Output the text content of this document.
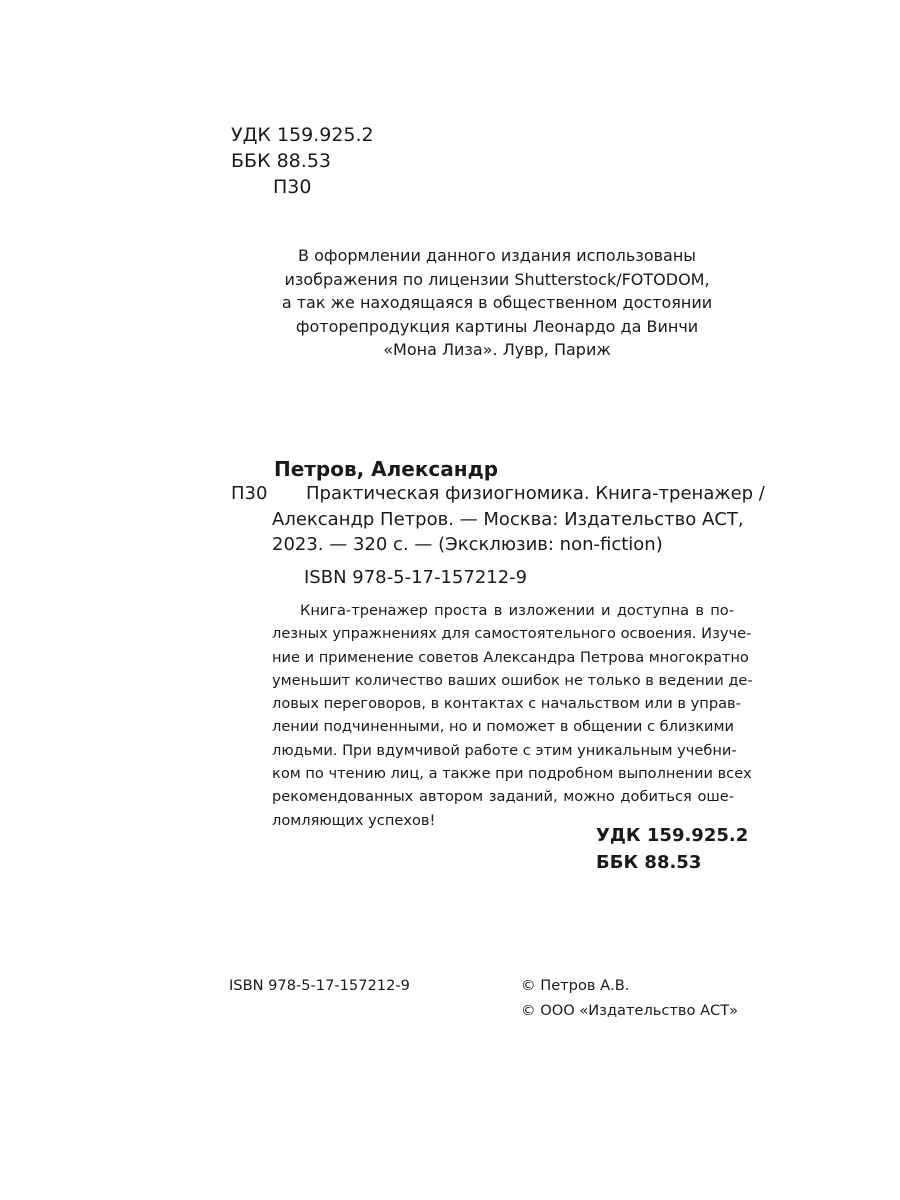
УДК 159.925.2
ББК 88.53
П30
В оформлении данного издания использованы
изображения по лицензии Shutterstock/FOTODOM,
а так же находящаяся в общественном достоянии
фоторепродукция картины Леонардо да Винчи
«Мона Лиза». Лувр, Париж
Петров, Александр
П30	Практическая физиогномика. Книга-тренажер /
Александр Петров. — Москва: Издательство АСТ,
2023. — 320 с. — (Эксклюзив: non-fiction)
ISBN 978-5-17-157212-9
Книга-тренажер проста в изложении и доступна в по-
лезных упражнениях для самостоятельного освоения. Изуче-
ние и применение советов Александра Петрова многократно
уменьшит количество ваших ошибок не только в ведении де-
ловых переговоров, в контактах с начальством или в управ-
лении подчиненными, но и поможет в общении с близкими
людьми. При вдумчивой работе с этим уникальным учебни-
ком по чтению лиц, а также при подробном выполнении всех
рекомендованных автором заданий, можно добиться оше-
ломляющих успехов!
УДК 159.925.2
ББК 88.53
ISBN 978-5-17-157212-9	© Петров А.В.
© ООО «Издательство АСТ»
